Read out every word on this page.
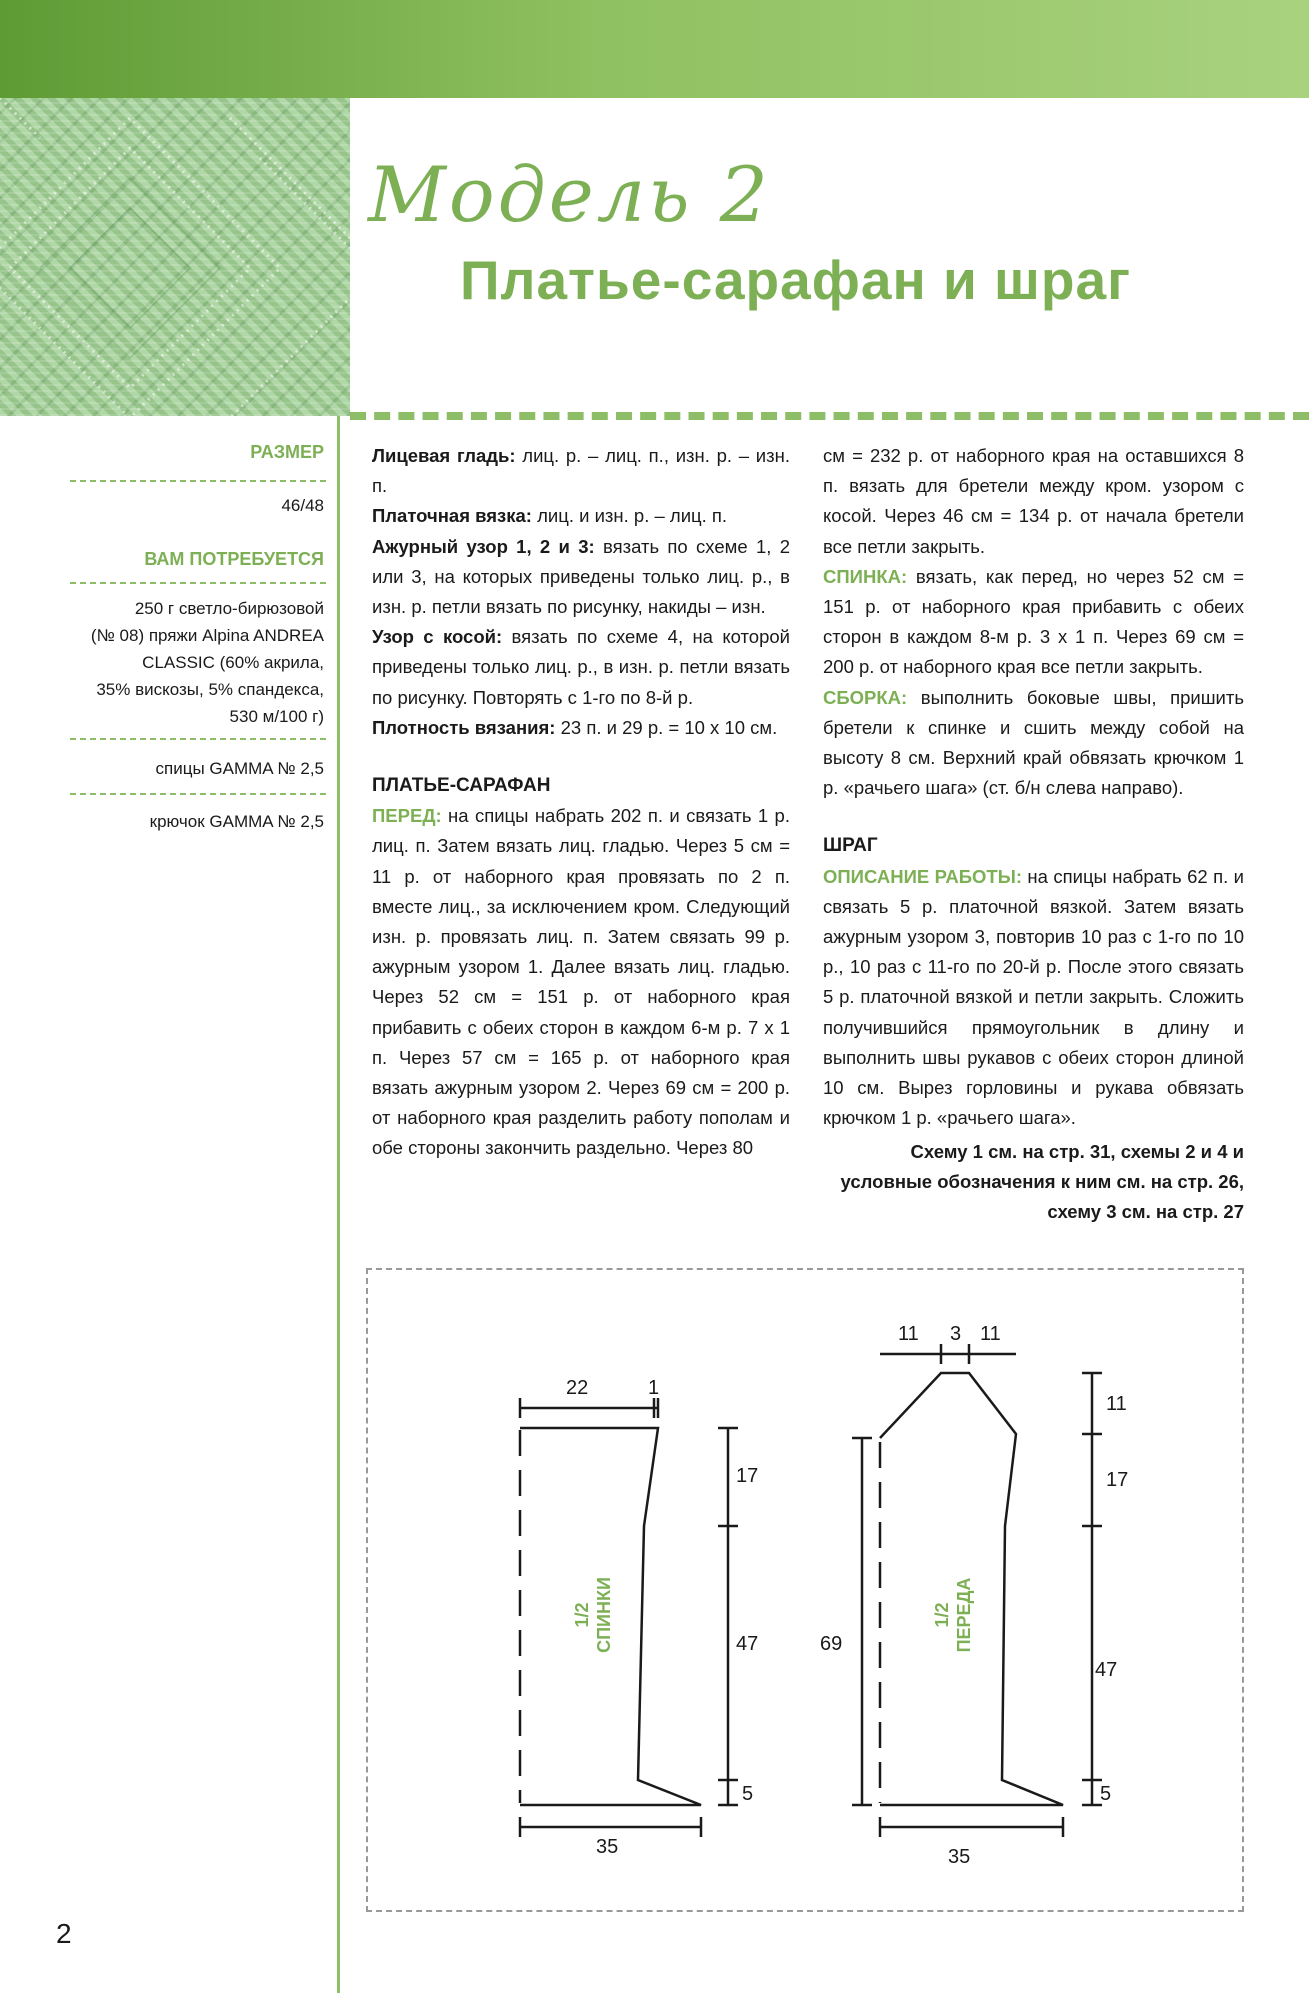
Модель 2
Платье-сарафан и шраг
РАЗМЕР
46/48
ВАМ ПОТРЕБУЕТСЯ
250 г светло-бирюзовой
(№ 08) пряжи Alpina ANDREA
CLASSIC (60% акрила,
35% вискозы, 5% спандекса,
530 м/100 г)
спицы GAMMA № 2,5
крючок GAMMA № 2,5
Лицевая гладь: лиц. р. – лиц. п., изн. р. – изн. п.
Платочная вязка: лиц. и изн. р. – лиц. п.
Ажурный узор 1, 2 и 3: вязать по схеме 1, 2 или 3, на которых приведены только лиц. р., в изн. р. петли вязать по рисунку, накиды – изн.
Узор с косой: вязать по схеме 4, на которой приведены только лиц. р., в изн. р. петли вязать по рисунку. Повторять с 1-го по 8-й р.
Плотность вязания: 23 п. и 29 р. = 10 х 10 см.
ПЛАТЬЕ-САРАФАН
ПЕРЕД: на спицы набрать 202 п. и связать 1 р. лиц. п. Затем вязать лиц. гладью. Через 5 см = 11 р. от наборного края провязать по 2 п. вместе лиц., за исключением кром. Следующий изн. р. провязать лиц. п. Затем связать 99 р. ажурным узором 1. Далее вязать лиц. гладью. Через 52 см = 151 р. от наборного края прибавить с обеих сторон в каждом 6-м р. 7 х 1 п. Через 57 см = 165 р. от наборного края вязать ажурным узором 2. Через 69 см = 200 р. от наборного края разделить работу пополам и обе стороны закончить раздельно. Через 80
см = 232 р. от наборного края на оставшихся 8 п. вязать для бретели между кром. узором с косой. Через 46 см = 134 р. от начала бретели все петли закрыть.
СПИНКА: вязать, как перед, но через 52 см = 151 р. от наборного края прибавить с обеих сторон в каждом 8-м р. 3 х 1 п. Через 69 см = 200 р. от наборного края все петли закрыть.
СБОРКА: выполнить боковые швы, пришить бретели к спинке и сшить между собой на высоту 8 см. Верхний край обвязать крючком 1 р. «рачьего шага» (ст. б/н слева направо).
ШРАГ
ОПИСАНИЕ РАБОТЫ: на спицы набрать 62 п. и связать 5 р. платочной вязкой. Затем вязать ажурным узором 3, повторив 10 раз с 1-го по 10 р., 10 раз с 11-го по 20-й р. После этого связать 5 р. платочной вязкой и петли закрыть. Сложить получившийся прямоугольник в длину и выполнить швы рукавов с обеих сторон длиной 10 см. Вырез горловины и рукава обвязать крючком 1 р. «рачьего шага».
Схему 1 см. на стр. 31, схемы 2 и 4 и
условные обозначения к ним см. на стр. 26,
схему 3 см. на стр. 27
22	1
17
47
5
35
1/2 СПИНКИ
11 3 11
11
17
47
5
69
35
1/2 ПЕРЕДА
2
